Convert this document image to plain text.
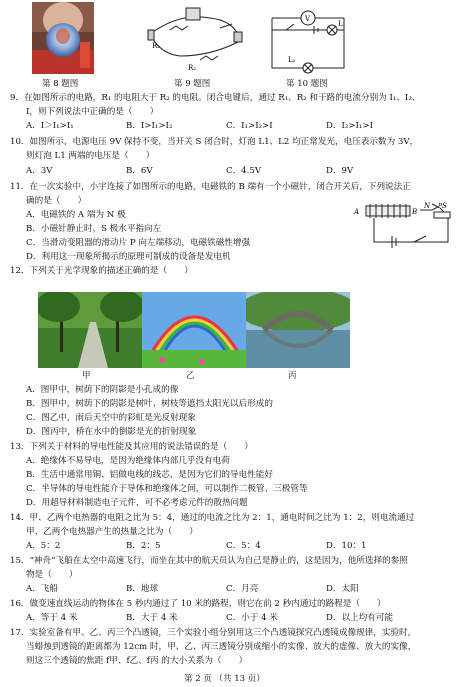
第 8 题图
R₁
R₂
第 9 题图
V
L₁
L₂
第 10 题图
9．在如图所示的电路，R₁ 的电阻大于 R₂ 的电阻。闭合电键后，通过 R₁、R₂ 和干路的电流分别为 I₁、I₂、
I，则下列说法中正确的是（　　）
A．I＞I₁>I₁	B．I>I₁>I₂	C．I₁>I₂>I	D．I₂>I₁>I
10．如图所示，电源电压 9V 保持不变，当开关 S 闭合时，灯泡 L1、L2 均正常发光，电压表示数为 3V，
则灯泡 L1 两端的电压是（　　）
A．3V	B．6V	C．4.5V	D．9V
11．在一次实验中，小宇连接了如图所示的电路，电磁铁的 B 端有一个小磁针，闭合开关后，下列说法正
确的是（　　）
A．电磁铁的 A 端为 N 极
B．小磁针静止时，S 极水平指向左
C．当滑动变阻器的滑动片 P 向左端移动，电磁铁磁性增强
D．利用这一现象所揭示的原理可制成的设备是发电机
A	B
N S
P
12．下列关于光学现象的描述正确的是（　　）
甲	乙	丙
A．图甲中，树荫下的阴影是小孔成的像
B．图甲中，树荫下的阴影是树叶、树枝等遮挡太阳光以后形成的
C．图乙中，雨后天空中的彩虹是光反射现象
D．图丙中，桥在水中的倒影是光的折射现象
13．下列关于材料的导电性能及其应用的说法错误的是（　　）
A．绝缘体不易导电，是因为绝缘体内部几乎没有电荷
B．生活中通常用铜、铝做电线的线芯，是因为它们的导电性能好
C．半导体的导电性能介于导体和绝缘体之间，可以制作二极管、三极管等
D．用超导材料制造电子元件，可不必考虑元件的散热问题
14．甲、乙两个电热器的电阻之比为 5：4，通过的电流之比为 2：1，通电时间之比为 1：2，则电流通过
甲、乙两个电热器产生的热量之比为（　　）
A．5：2	B．2：5	C．5：4	D．10：1
15．“神舟”飞船在太空中高速飞行，而坐在其中的航天员认为自己是静止的，这是因为，他所选择的参照
物是（　　）
A．飞船	B．地球	C．月亮	D．太阳
16．做变速直线运动的物体在 5 秒内通过了 10 米的路程，则它在前 2 秒内通过的路程是（　　）
A．等于 4 米	B．大于 4 米	C．小于 4 米	D．以上均有可能
17．实验室备有甲、乙、丙三个凸透镜，三个实验小组分别用这三个凸透镜探究凸透镜成像规律，实验时，
当蜡烛到透镜的距离都为 12cm 时，甲、乙、丙三透镜分别成缩小的实像、放大的虚像、放大的实像，
则这三个透镜的焦距 f甲、f乙、f丙 的大小关系为（　　）
第 2 页 （共 13 页）
